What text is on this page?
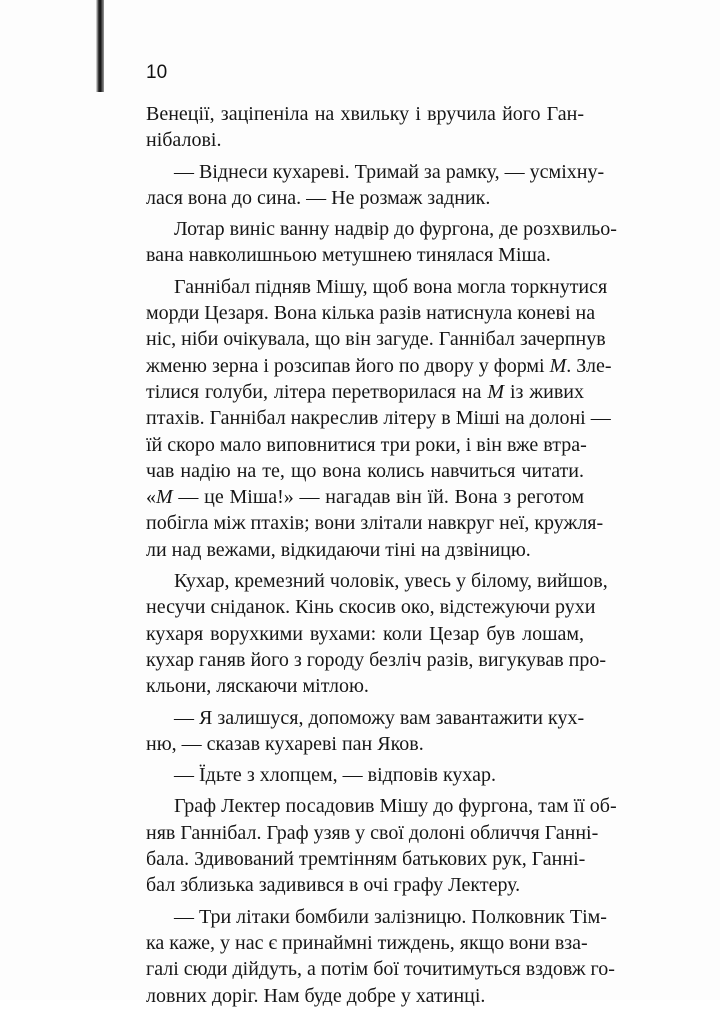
10
Венеції, заціпеніла на хвильку і вручила його Ган-
нібалові.
— Віднеси кухареві. Тримай за рамку, — усміхну-
лася вона до сина. — Не розмаж задник.
Лотар виніс ванну надвір до фургона, де розхвильо-
вана навколишньою метушнею тинялася Міша.
Ганнібал підняв Мішу, щоб вона могла торкнутися
морди Цезаря. Вона кілька разів натиснула коневі на
ніс, ніби очікувала, що він загуде. Ганнібал зачерпнув
жменю зерна і розсипав його по двору у формі М. Зле-
тілися голуби, літера перетворилася на М із живих
птахів. Ганнібал накреслив літеру в Міші на долоні —
їй скоро мало виповнитися три роки, і він вже втра-
чав надію на те, що вона колись навчиться читати.
«М — це Міша!» — нагадав він їй. Вона з реготом
побігла між птахів; вони злітали навкруг неї, кружля-
ли над вежами, відкидаючи тіні на дзвіницю.
Кухар, кремезний чоловік, увесь у білому, вийшов,
несучи сніданок. Кінь скосив око, відстежуючи рухи
кухаря ворухкими вухами: коли Цезар був лошам,
кухар ганяв його з городу безліч разів, вигукував про-
кльони, ляскаючи мітлою.
— Я залишуся, допоможу вам завантажити кух-
ню, — сказав кухареві пан Яков.
— Їдьте з хлопцем, — відповів кухар.
Граф Лектер посадовив Мішу до фургона, там її об-
няв Ганнібал. Граф узяв у свої долоні обличчя Ганні-
бала. Здивований тремтінням батькових рук, Ганні-
бал зблизька задивився в очі графу Лектеру.
— Три літаки бомбили залізницю. Полковник Тім-
ка каже, у нас є принаймні тиждень, якщо вони вза-
галі сюди дійдуть, а потім бої точитимуться вздовж го-
ловних доріг. Нам буде добре у хатинці.
